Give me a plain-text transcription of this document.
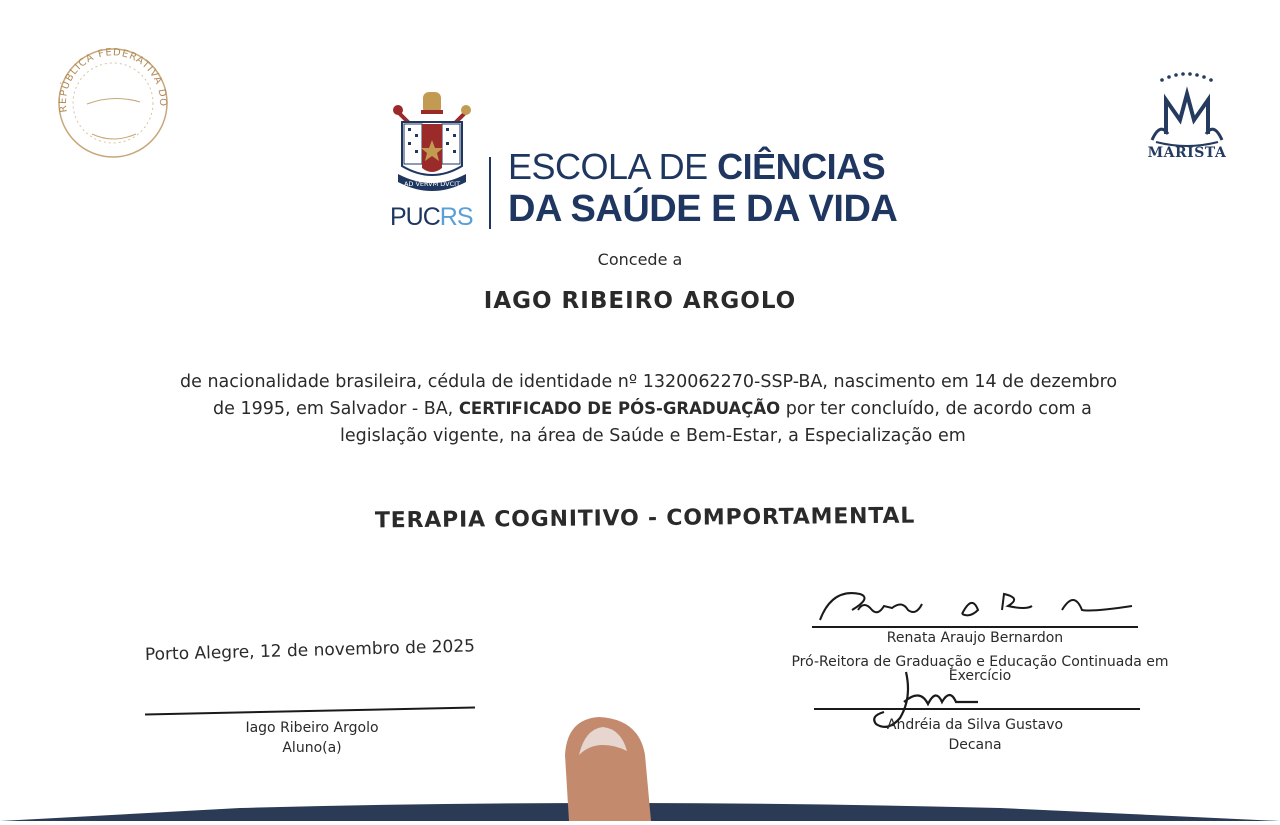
REPÚBLICA FEDERATIVA DO
MARISTA
AD VERVM DVCIT
PUCRS
ESCOLA DE CIÊNCIAS
DA SAÚDE E DA VIDA
Concede a
IAGO RIBEIRO ARGOLO
de nacionalidade brasileira, cédula de identidade nº 1320062270-SSP-BA, nascimento em 14 de dezembro
de 1995, em Salvador - BA, CERTIFICADO DE PÓS-GRADUAÇÃO por ter concluído, de acordo com a
legislação vigente, na área de Saúde e Bem-Estar, a Especialização em
TERAPIA COGNITIVO - COMPORTAMENTAL
Porto Alegre, 12 de novembro de 2025
Iago Ribeiro Argolo
Aluno(a)
Renata Araujo Bernardon
Pró-Reitora de Graduação e Educação Continuada em
Exercício
Andréia da Silva Gustavo
Decana
